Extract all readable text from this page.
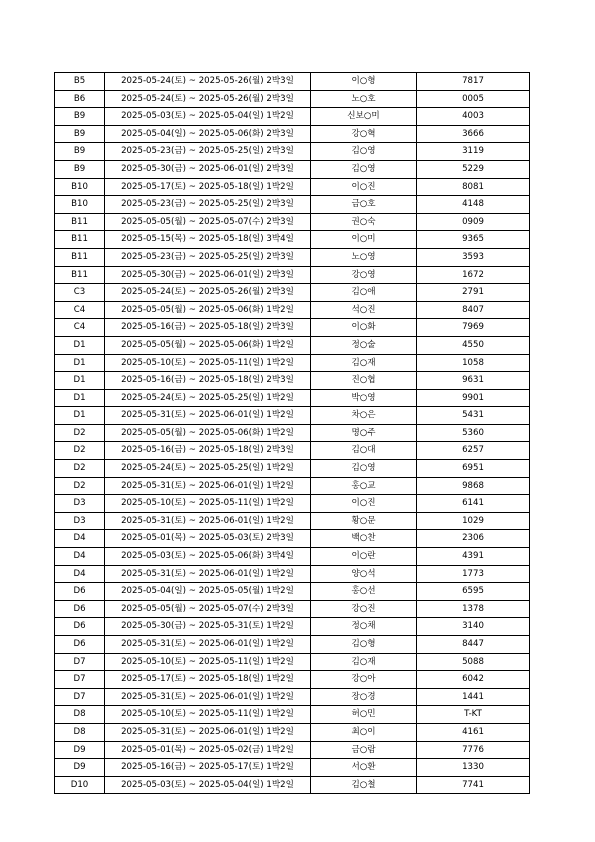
B5	2025-05-24(토) ~ 2025-05-26(월) 2박3일	이○형	7817
B6	2025-05-24(토) ~ 2025-05-26(월) 2박3일	노○호	0005
B9	2025-05-03(토) ~ 2025-05-04(일) 1박2일	신보○미	4003
B9	2025-05-04(일) ~ 2025-05-06(화) 2박3일	강○혁	3666
B9	2025-05-23(금) ~ 2025-05-25(일) 2박3일	김○영	3119
B9	2025-05-30(금) ~ 2025-06-01(일) 2박3일	김○영	5229
B10	2025-05-17(토) ~ 2025-05-18(일) 1박2일	이○진	8081
B10	2025-05-23(금) ~ 2025-05-25(일) 2박3일	금○호	4148
B11	2025-05-05(월) ~ 2025-05-07(수) 2박3일	권○숙	0909
B11	2025-05-15(목) ~ 2025-05-18(일) 3박4일	이○미	9365
B11	2025-05-23(금) ~ 2025-05-25(일) 2박3일	노○영	3593
B11	2025-05-30(금) ~ 2025-06-01(일) 2박3일	강○영	1672
C3	2025-05-24(토) ~ 2025-05-26(월) 2박3일	김○애	2791
C4	2025-05-05(월) ~ 2025-05-06(화) 1박2일	석○진	8407
C4	2025-05-16(금) ~ 2025-05-18(일) 2박3일	이○화	7969
D1	2025-05-05(월) ~ 2025-05-06(화) 1박2일	정○술	4550
D1	2025-05-10(토) ~ 2025-05-11(일) 1박2일	김○재	1058
D1	2025-05-16(금) ~ 2025-05-18(일) 2박3일	진○협	9631
D1	2025-05-24(토) ~ 2025-05-25(일) 1박2일	박○영	9901
D1	2025-05-31(토) ~ 2025-06-01(일) 1박2일	차○은	5431
D2	2025-05-05(월) ~ 2025-05-06(화) 1박2일	명○주	5360
D2	2025-05-16(금) ~ 2025-05-18(일) 2박3일	김○대	6257
D2	2025-05-24(토) ~ 2025-05-25(일) 1박2일	김○영	6951
D2	2025-05-31(토) ~ 2025-06-01(일) 1박2일	홍○교	9868
D3	2025-05-10(토) ~ 2025-05-11(일) 1박2일	이○진	6141
D3	2025-05-31(토) ~ 2025-06-01(일) 1박2일	황○문	1029
D4	2025-05-01(목) ~ 2025-05-03(토) 2박3일	백○찬	2306
D4	2025-05-03(토) ~ 2025-05-06(화) 3박4일	이○란	4391
D4	2025-05-31(토) ~ 2025-06-01(일) 1박2일	양○석	1773
D6	2025-05-04(일) ~ 2025-05-05(월) 1박2일	홍○선	6595
D6	2025-05-05(월) ~ 2025-05-07(수) 2박3일	강○진	1378
D6	2025-05-30(금) ~ 2025-05-31(토) 1박2일	정○채	3140
D6	2025-05-31(토) ~ 2025-06-01(일) 1박2일	김○형	8447
D7	2025-05-10(토) ~ 2025-05-11(일) 1박2일	김○재	5088
D7	2025-05-17(토) ~ 2025-05-18(일) 1박2일	강○아	6042
D7	2025-05-31(토) ~ 2025-06-01(일) 1박2일	장○경	1441
D8	2025-05-10(토) ~ 2025-05-11(일) 1박2일	허○민	T-KT
D8	2025-05-31(토) ~ 2025-06-01(일) 1박2일	최○이	4161
D9	2025-05-01(목) ~ 2025-05-02(금) 1박2일	금○람	7776
D9	2025-05-16(금) ~ 2025-05-17(토) 1박2일	서○환	1330
D10	2025-05-03(토) ~ 2025-05-04(일) 1박2일	김○철	7741
